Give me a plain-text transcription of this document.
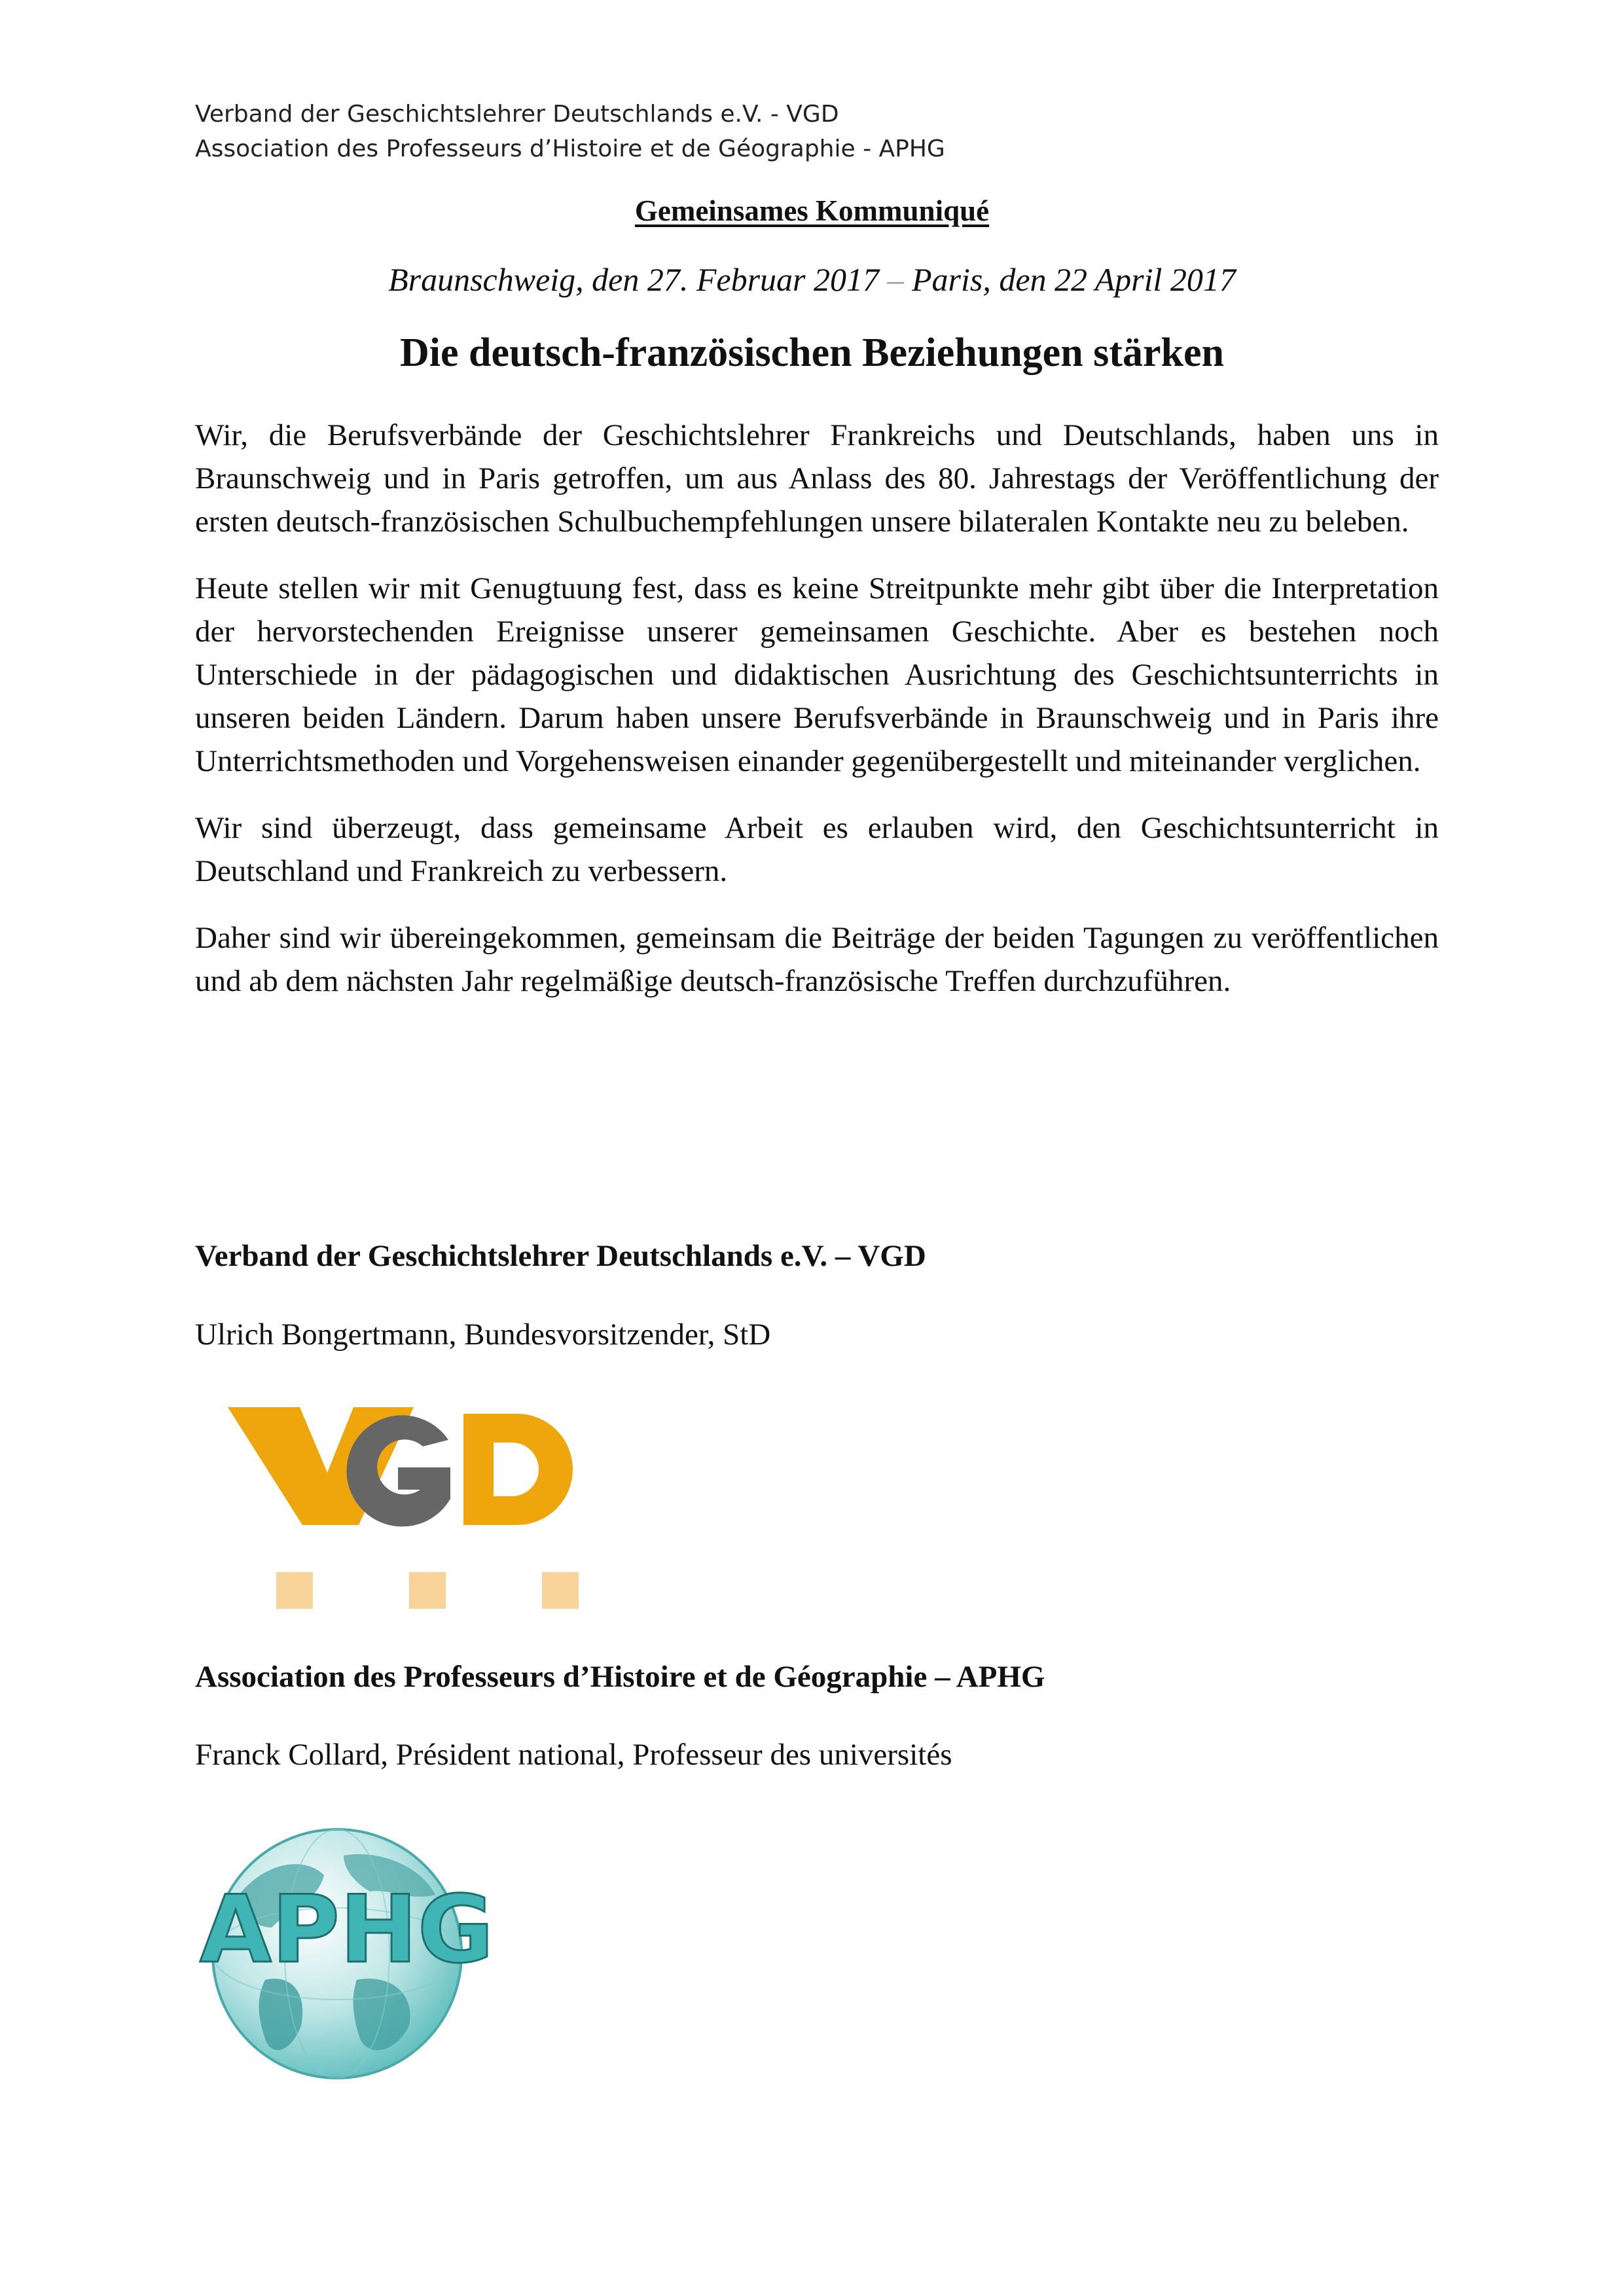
Verband der Geschichtslehrer Deutschlands e.V. - VGD
Association des Professeurs d’Histoire et de Géographie - APHG
Gemeinsames Kommuniqué
Braunschweig, den 27. Februar 2017 – Paris, den 22 April 2017
Die deutsch-französischen Beziehungen stärken

Wir, die Berufsverbände der Geschichtslehrer Frankreichs und Deutschlands, haben uns in Braunschweig und in Paris getroffen, um aus Anlass des 80. Jahrestags der Veröffentlichung der ersten deutsch-französischen Schulbuchempfehlungen unsere bilateralen Kontakte neu zu beleben.

Heute stellen wir mit Genugtuung fest, dass es keine Streitpunkte mehr gibt über die Interpretation der hervorstechenden Ereignisse unserer gemeinsamen Geschichte. Aber es bestehen noch Unterschiede in der pädagogischen und didaktischen Ausrichtung des Geschichtsunterrichts in unseren beiden Ländern. Darum haben unsere Berufsverbände in Braunschweig und in Paris ihre Unterrichtsmethoden und Vorgehensweisen einander gegenübergestellt und miteinander verglichen.

Wir sind überzeugt, dass gemeinsame Arbeit es erlauben wird, den Geschichtsunterricht in Deutschland und Frankreich zu verbessern.

Daher sind wir übereingekommen, gemeinsam die Beiträge der beiden Tagungen zu veröffentlichen und ab dem nächsten Jahr regelmäßige deutsch-französische Treffen durchzuführen.

Verband der Geschichtslehrer Deutschlands e.V. – VGD
Ulrich Bongertmann, Bundesvorsitzender, StD
Association des Professeurs d’Histoire et de Géographie – APHG
Franck Collard, Président national, Professeur des universités
APHG
